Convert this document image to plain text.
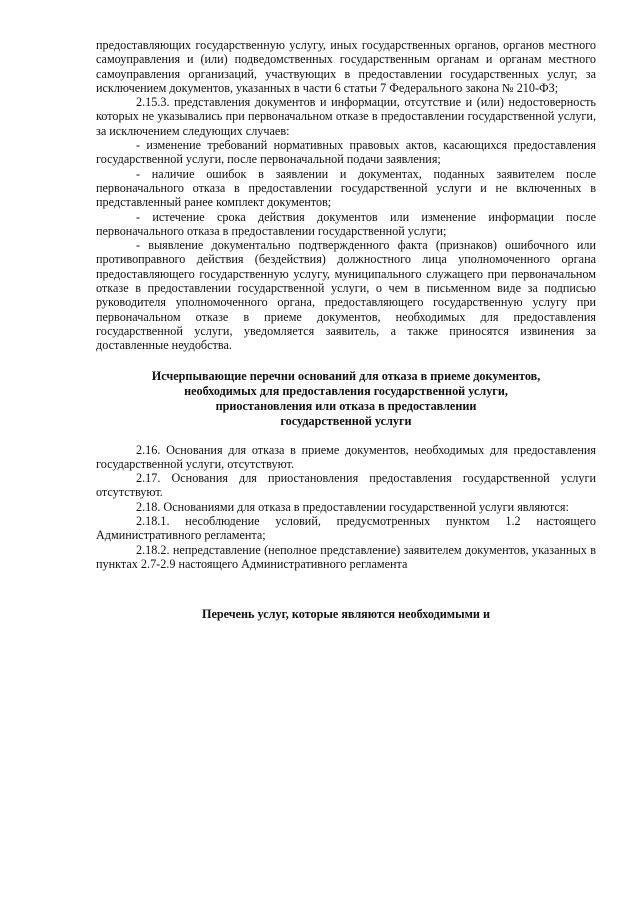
предоставляющих государственную услугу, иных государственных органов, органов местного самоуправления и (или) подведомственных государственным органам и органам местного самоуправления организаций, участвующих в предоставлении государственных услуг, за исключением документов, указанных в части 6 статьи 7 Федерального закона № 210-ФЗ;

2.15.3. представления документов и информации, отсутствие и (или) недостоверность которых не указывались при первоначальном отказе в предоставлении государственной услуги, за исключением следующих случаев:

- изменение требований нормативных правовых актов, касающихся предоставления государственной услуги, после первоначальной подачи заявления;

- наличие ошибок в заявлении и документах, поданных заявителем после первоначального отказа в предоставлении государственной услуги и не включенных в представленный ранее комплект документов;

- истечение срока действия документов или изменение информации после первоначального отказа в предоставлении государственной услуги;

- выявление документально подтвержденного факта (признаков) ошибочного или противоправного действия (бездействия) должностного лица уполномоченного органа предоставляющего государственную услугу, муниципального служащего при первоначальном отказе в предоставлении государственной услуги, о чем в письменном виде за подписью руководителя уполномоченного органа, предоставляющего государственную услугу при первоначальном отказе в приеме документов, необходимых для предоставления государственной услуги, уведомляется заявитель, а также приносятся извинения за доставленные неудобства.

Исчерпывающие перечни оснований для отказа в приеме документов,

необходимых для предоставления государственной услуги,

приостановления или отказа в предоставлении

государственной услуги

2.16. Основания для отказа в приеме документов, необходимых для предоставления государственной услуги, отсутствуют.

2.17. Основания для приостановления предоставления государственной услуги отсутствуют.

2.18. Основаниями для отказа в предоставлении государственной услуги являются:

2.18.1. несоблюдение условий, предусмотренных пунктом 1.2 настоящего Административного регламента;

2.18.2. непредставление (неполное представление) заявителем документов, указанных в пунктах 2.7-2.9 настоящего Административного регламента

Перечень услуг, которые являются необходимыми и
